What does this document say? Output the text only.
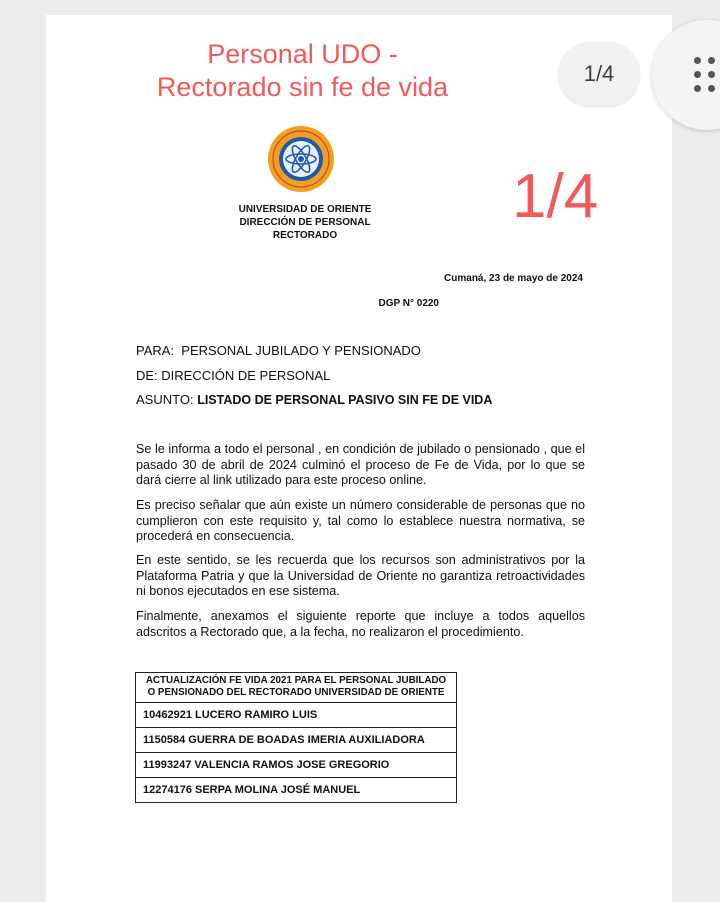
Personal UDO - Rectorado sin fe de vida	1/4
1/4
UNIVERSIDAD DE ORIENTE
DIRECCIÓN DE PERSONAL
RECTORADO
Cumaná, 23 de mayo de 2024
DGP N° 0220
PARA: PERSONAL JUBILADO Y PENSIONADO
DE: DIRECCIÓN DE PERSONAL
ASUNTO: LISTADO DE PERSONAL PASIVO SIN FE DE VIDA
Se le informa a todo el personal , en condición de jubilado o pensionado , que el pasado 30 de abril de 2024 culminó el proceso de Fe de Vida, por lo que se dará cierre al link utilizado para este proceso online.
Es preciso señalar que aún existe un número considerable de personas que no cumplieron con este requisito y, tal como lo establece nuestra normativa, se procederá en consecuencia.
En este sentido, se les recuerda que los recursos son administrativos por la Plataforma Patria y que la Universidad de Oriente no garantiza retroactividades ni bonos ejecutados en ese sistema.
Finalmente, anexamos el siguiente reporte que incluye a todos aquellos adscritos a Rectorado que, a la fecha, no realizaron el procedimiento.
ACTUALIZACIÓN FE VIDA 2021 PARA EL PERSONAL JUBILADO
O PENSIONADO DEL RECTORADO UNIVERSIDAD DE ORIENTE

10462921 LUCERO RAMIRO LUIS
1150584 GUERRA DE BOADAS IMERIA AUXILIADORA
11993247 VALENCIA RAMOS JOSE GREGORIO
12274176 SERPA MOLINA JOSÉ MANUEL
